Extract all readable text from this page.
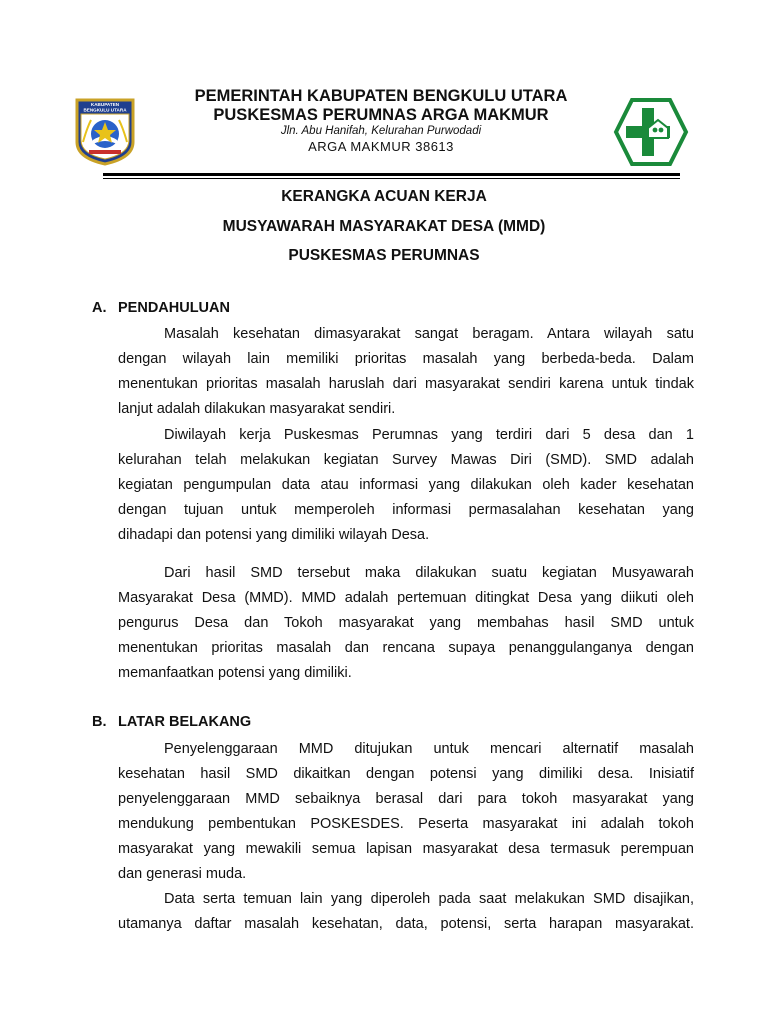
KABUPATEN
BENGKULU UTARA
PEMERINTAH KABUPATEN BENGKULU UTARA
PUSKESMAS PERUMNAS ARGA MAKMUR
Jln. Abu Hanifah, Kelurahan Purwodadi
ARGA MAKMUR 38613
KERANGKA ACUAN KERJA
MUSYAWARAH MASYARAKAT DESA (MMD)
PUSKESMAS PERUMNAS
A. PENDAHULUAN
Masalah kesehatan dimasyarakat sangat beragam. Antara wilayah satu
dengan wilayah lain memiliki prioritas masalah yang berbeda-beda. Dalam
menentukan prioritas masalah haruslah dari masyarakat sendiri karena untuk tindak
lanjut adalah dilakukan masyarakat sendiri.
Diwilayah kerja Puskesmas Perumnas yang terdiri dari 5 desa dan 1
kelurahan telah melakukan kegiatan Survey Mawas Diri (SMD). SMD adalah
kegiatan pengumpulan data atau informasi yang dilakukan oleh kader kesehatan
dengan tujuan untuk memperoleh informasi permasalahan kesehatan yang
dihadapi dan potensi yang dimiliki wilayah Desa.
Dari hasil SMD tersebut maka dilakukan suatu kegiatan Musyawarah
Masyarakat Desa (MMD). MMD adalah pertemuan ditingkat Desa yang diikuti oleh
pengurus Desa dan Tokoh masyarakat yang membahas hasil SMD untuk
menentukan prioritas masalah dan rencana supaya penanggulanganya dengan
memanfaatkan potensi yang dimiliki.
B. LATAR BELAKANG
Penyelenggaraan MMD ditujukan untuk mencari alternatif masalah
kesehatan hasil SMD dikaitkan dengan potensi yang dimiliki desa. Inisiatif
penyelenggaraan MMD sebaiknya berasal dari para tokoh masyarakat yang
mendukung pembentukan POSKESDES. Peserta masyarakat ini adalah tokoh
masyarakat yang mewakili semua lapisan masyarakat desa termasuk perempuan
dan generasi muda.
Data serta temuan lain yang diperoleh pada saat melakukan SMD disajikan,
utamanya daftar masalah kesehatan, data, potensi, serta harapan masyarakat.
